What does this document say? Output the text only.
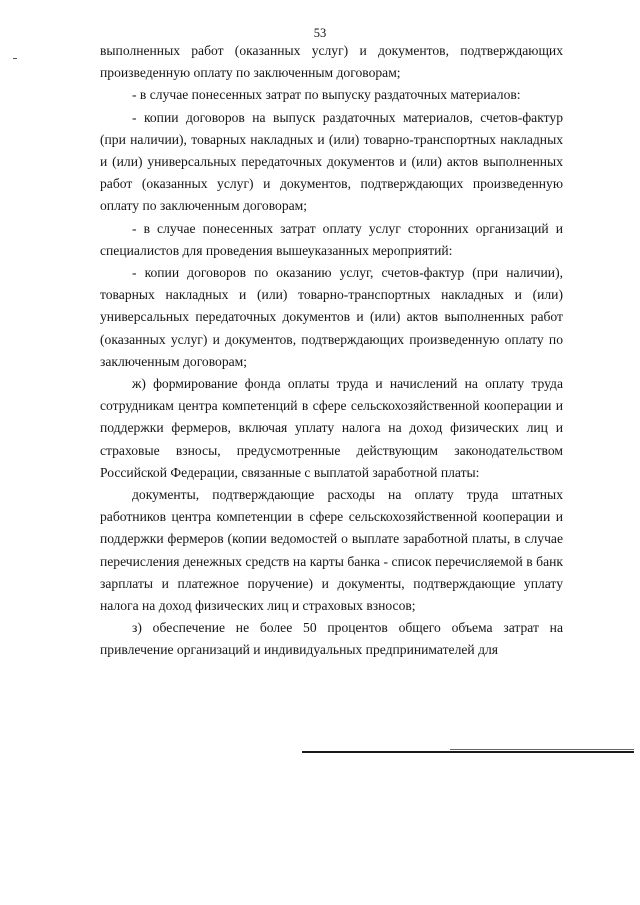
53

выполненных работ (оказанных услуг) и документов, подтверждающих произведенную оплату по заключенным договорам;

- в случае понесенных затрат по выпуску раздаточных материалов:

- копии договоров на выпуск раздаточных материалов, счетов-фактур (при наличии), товарных накладных и (или) товарно-транспортных накладных и (или) универсальных передаточных документов и (или) актов выполненных работ (оказанных услуг) и документов, подтверждающих произведенную оплату по заключенным договорам;

- в случае понесенных затрат оплату услуг сторонних организаций и специалистов для проведения вышеуказанных мероприятий:

- копии договоров по оказанию услуг, счетов-фактур (при наличии), товарных накладных и (или) товарно-транспортных накладных и (или) универсальных передаточных документов и (или) актов выполненных работ (оказанных услуг) и документов, подтверждающих произведенную оплату по заключенным договорам;

ж) формирование фонда оплаты труда и начислений на оплату труда сотрудникам центра компетенций в сфере сельскохозяйственной кооперации и поддержки фермеров, включая уплату налога на доход физических лиц и страховые взносы, предусмотренные действующим законодательством Российской Федерации, связанные с выплатой заработной платы:

документы, подтверждающие расходы на оплату труда штатных работников центра компетенции в сфере сельскохозяйственной кооперации и поддержки фермеров (копии ведомостей о выплате заработной платы, в случае перечисления денежных средств на карты банка - список перечисляемой в банк зарплаты и платежное поручение) и документы, подтверждающие уплату налога на доход физических лиц и страховых взносов;

з) обеспечение не более 50 процентов общего объема затрат на привлечение организаций и индивидуальных предпринимателей для
